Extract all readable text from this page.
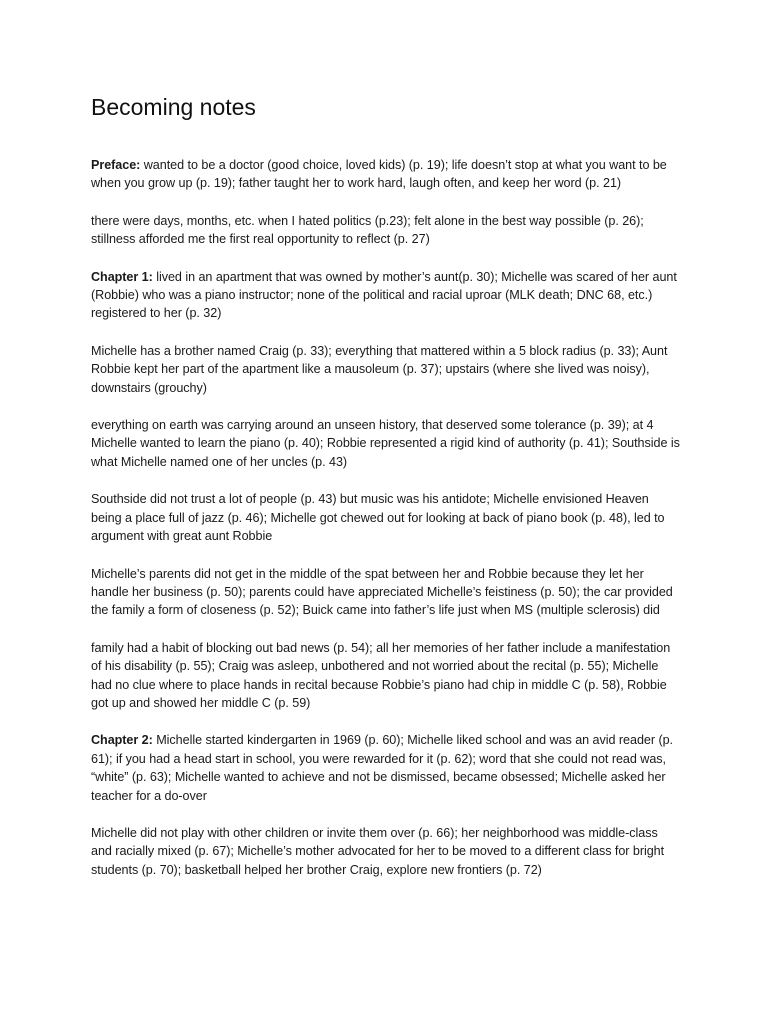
Becoming notes

Preface: wanted to be a doctor (good choice, loved kids) (p. 19); life doesn’t stop at what you want to be when you grow up (p. 19); father taught her to work hard, laugh often, and keep her word (p. 21)

there were days, months, etc. when I hated politics (p.23); felt alone in the best way possible (p. 26); stillness afforded me the first real opportunity to reflect (p. 27)

Chapter 1: lived in an apartment that was owned by mother’s aunt(p. 30); Michelle was scared of her aunt (Robbie) who was a piano instructor; none of the political and racial uproar (MLK death; DNC 68, etc.) registered to her (p. 32)

Michelle has a brother named Craig (p. 33); everything that mattered within a 5 block radius (p. 33); Aunt Robbie kept her part of the apartment like a mausoleum (p. 37); upstairs (where she lived was noisy), downstairs (grouchy)

everything on earth was carrying around an unseen history, that deserved some tolerance (p. 39); at 4 Michelle wanted to learn the piano (p. 40); Robbie represented a rigid kind of authority (p. 41); Southside is what Michelle named one of her uncles (p. 43)

Southside did not trust a lot of people (p. 43) but music was his antidote; Michelle envisioned Heaven being a place full of jazz (p. 46); Michelle got chewed out for looking at back of piano book (p. 48), led to argument with great aunt Robbie

Michelle’s parents did not get in the middle of the spat between her and Robbie because they let her handle her business (p. 50); parents could have appreciated Michelle’s feistiness (p. 50); the car provided the family a form of closeness (p. 52); Buick came into father’s life just when MS (multiple sclerosis) did

family had a habit of blocking out bad news (p. 54); all her memories of her father include a manifestation of his disability (p. 55); Craig was asleep, unbothered and not worried about the recital (p. 55); Michelle had no clue where to place hands in recital because Robbie’s piano had chip in middle C (p. 58), Robbie got up and showed her middle C (p. 59)

Chapter 2: Michelle started kindergarten in 1969 (p. 60); Michelle liked school and was an avid reader (p. 61); if you had a head start in school, you were rewarded for it (p. 62); word that she could not read was, “white” (p. 63); Michelle wanted to achieve and not be dismissed, became obsessed; Michelle asked her teacher for a do-over

Michelle did not play with other children or invite them over (p. 66); her neighborhood was middle-class and racially mixed (p. 67); Michelle’s mother advocated for her to be moved to a different class for bright students (p. 70); basketball helped her brother Craig, explore new frontiers (p. 72)
